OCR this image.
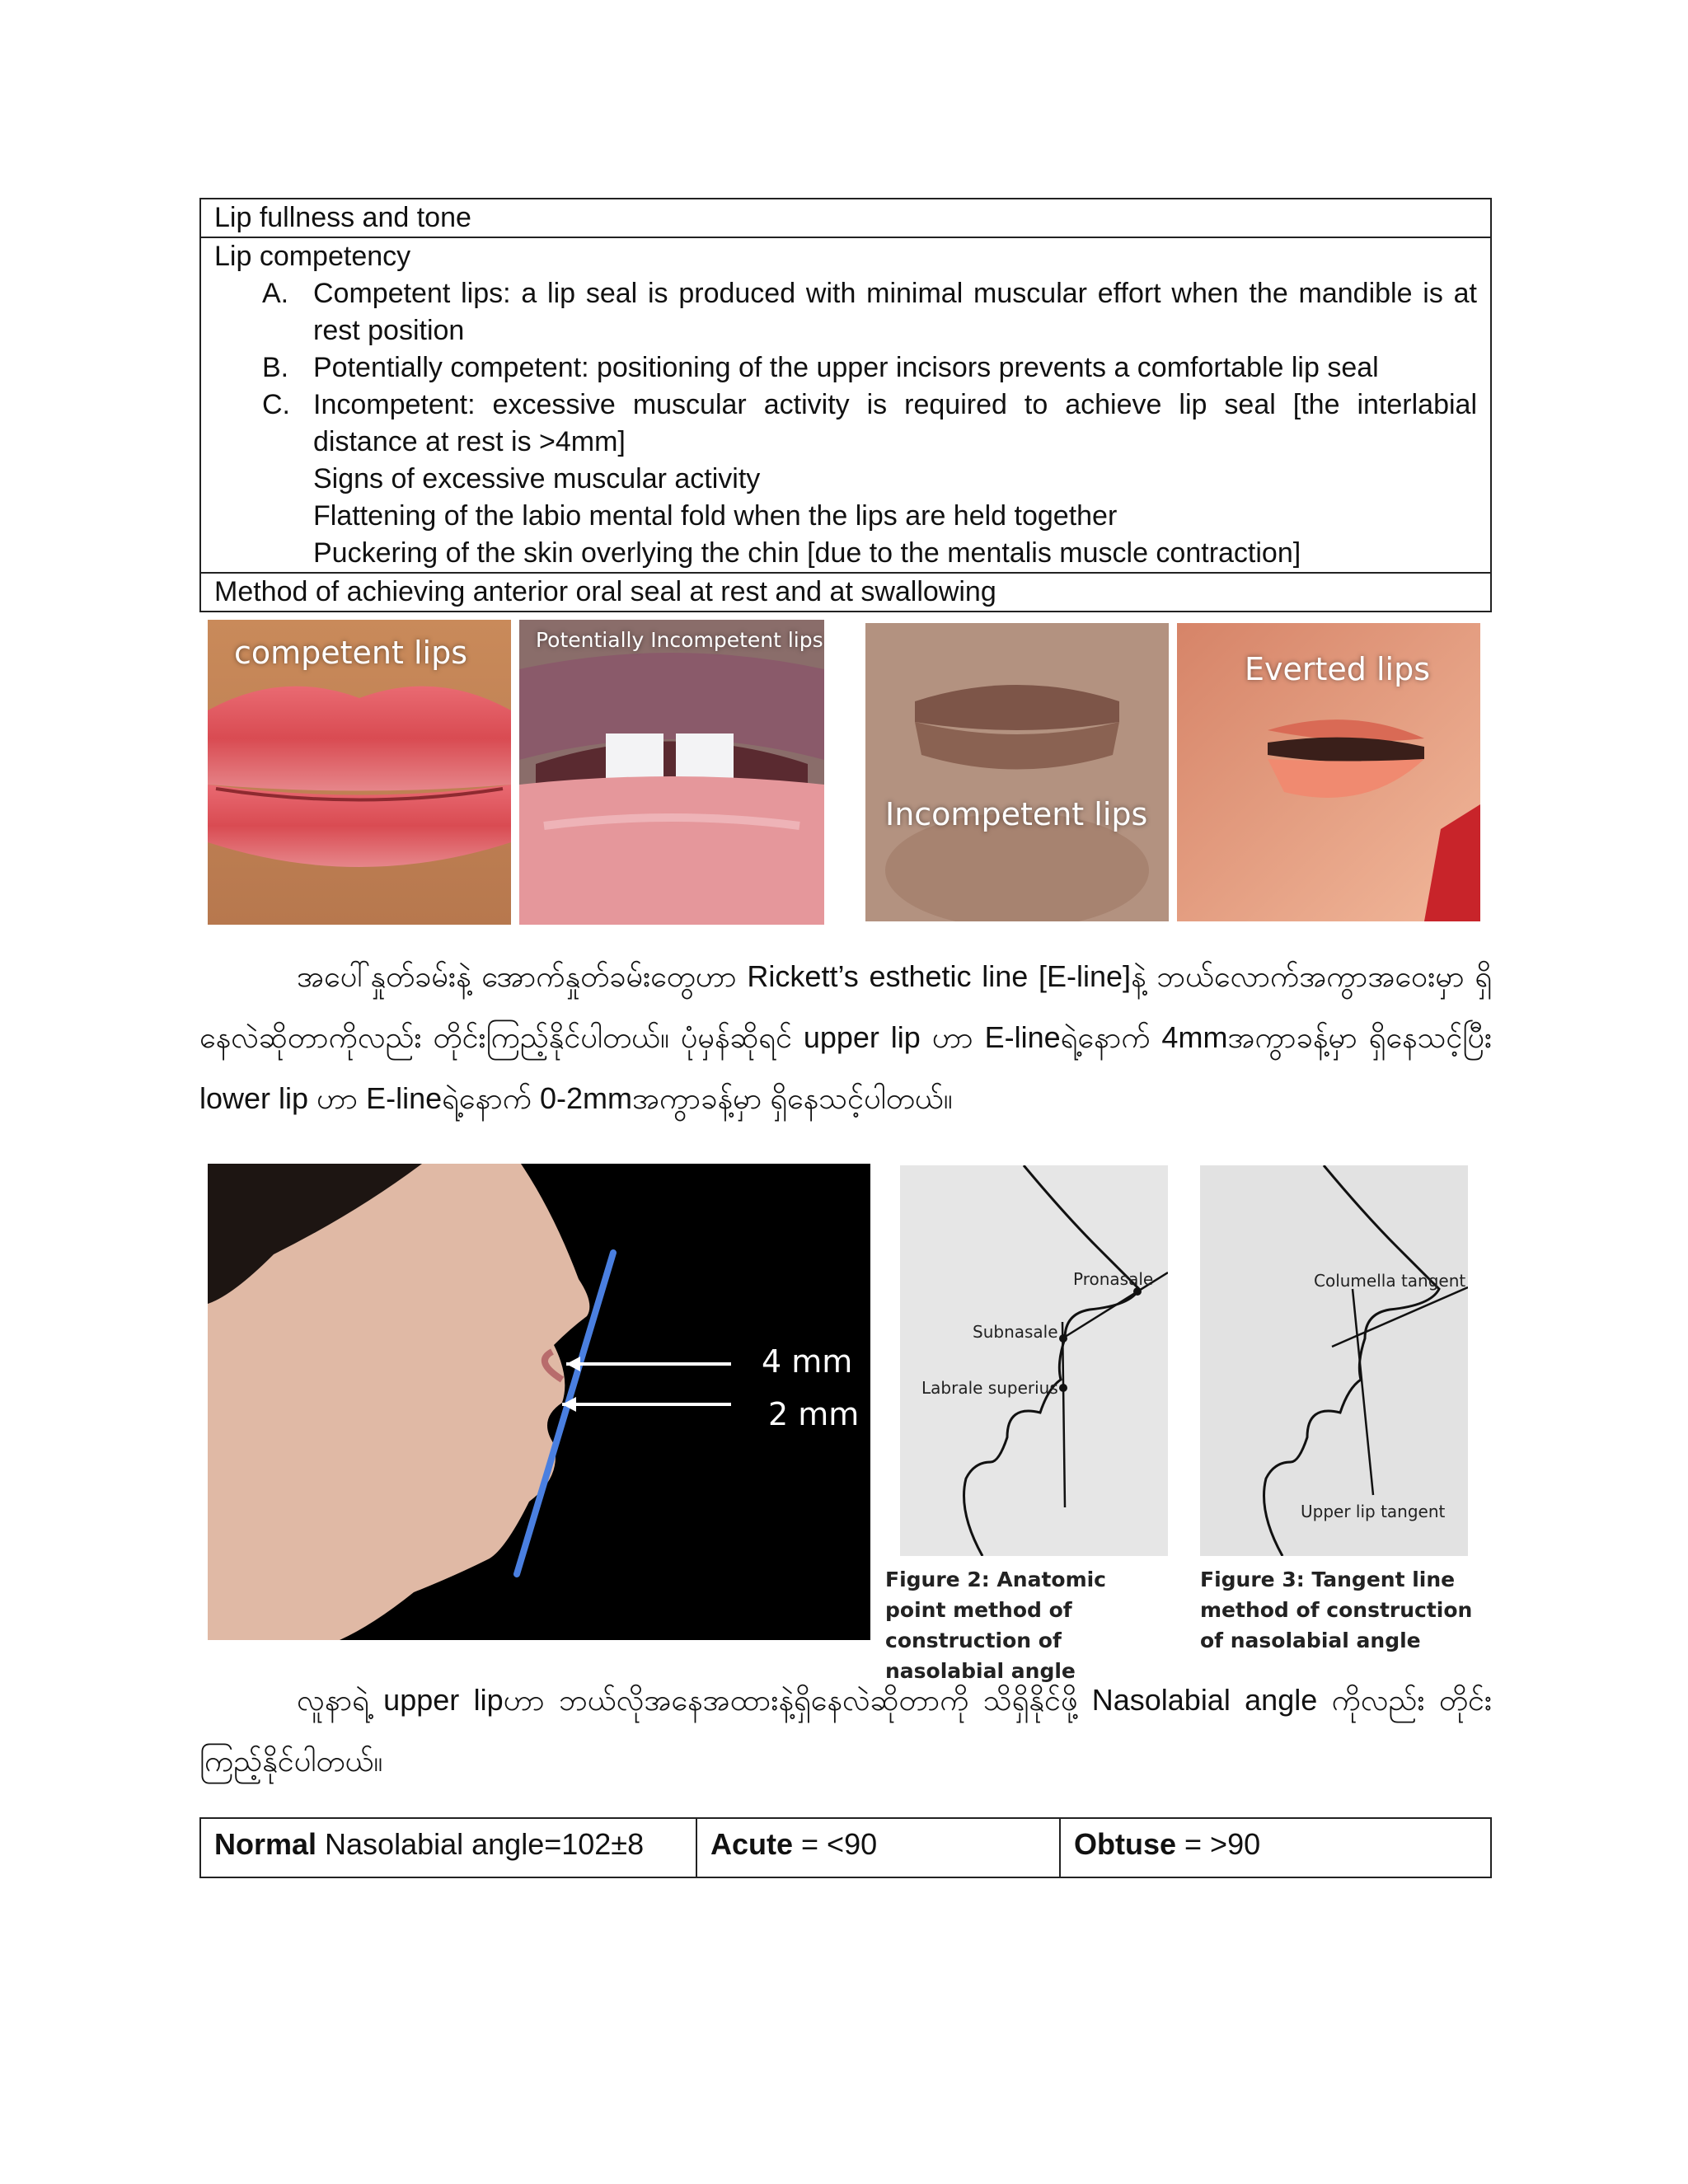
Lip fullness and tone
Lip competency
A. Competent lips: a lip seal is produced with minimal muscular effort when the mandible is at rest position
B. Potentially competent: positioning of the upper incisors prevents a comfortable lip seal
C. Incompetent: excessive muscular activity is required to achieve lip seal [the interlabial distance at rest is >4mm]
Signs of excessive muscular activity
Flattening of the labio mental fold when the lips are held together
Puckering of the skin overlying the chin [due to the mentalis muscle contraction]
Method of achieving anterior oral seal at rest and at swallowing
competent lips	Potentially Incompetent lips
Incompetent lips
Everted lips

အပေါ်နှုတ်ခမ်းနဲ့ အောက်နှုတ်ခမ်းတွေဟာ Rickett’s esthetic line [E-line]နဲ့ ဘယ်လောက်အကွာအဝေးမှာ ရှိနေလဲဆိုတာကိုလည်း တိုင်းကြည့်နိုင်ပါတယ်။ ပုံမှန်ဆိုရင် upper lip ဟာ E-lineရဲ့နောက် 4mmအကွာခန့်မှာ ရှိနေသင့်ပြီး lower lip ဟာ E-lineရဲ့နောက် 0-2mmအကွာခန့်မှာ ရှိနေသင့်ပါတယ်။

4 mm
2 mm
Pronasale
Subnasale
Labrale superius
Columella tangent
Upper lip tangent
Figure 2: Anatomic point method of construction of nasolabial angle
Figure 3: Tangent line method of construction of nasolabial angle

လူနာရဲ့ upper lipဟာ ဘယ်လိုအနေအထားနဲ့ရှိနေလဲဆိုတာကို သိရှိနိုင်ဖို့ Nasolabial angle ကိုလည်း တိုင်းကြည့်နိုင်ပါတယ်။

Normal Nasolabial angle=102±8	Acute = <90	Obtuse = >90
